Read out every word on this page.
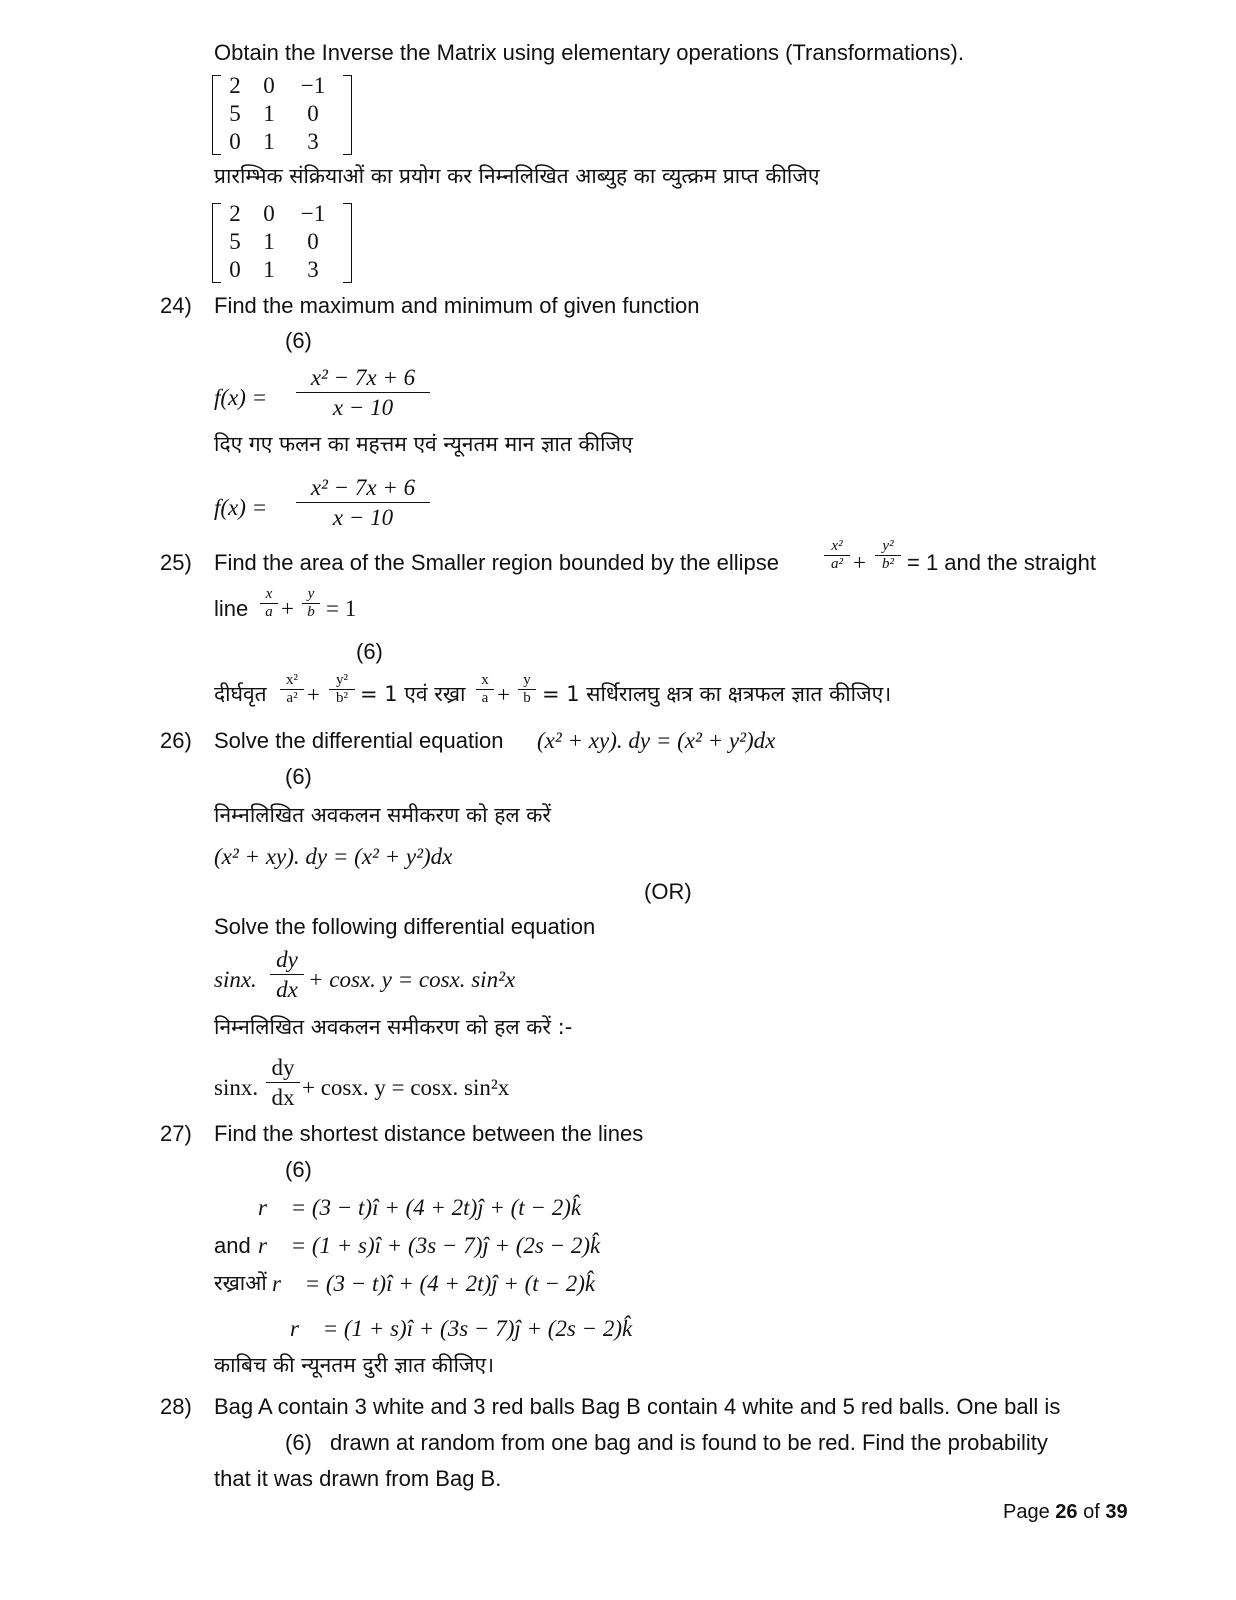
Obtain the Inverse the Matrix using elementary operations (Transformations).
2	0	−1
5	1	0
0	1	3
प्रारम्भिक संक्रियाओं का प्रयोग कर निम्नलिखित आब्युह का व्युत्क्रम प्राप्त कीजिए
2	0	−1
5	1	0
0	1	3
24) Find the maximum and minimum of given function
(6)
f(x) =
x² − 7x + 6
x − 10
दिए गए फलन का महत्तम एवं न्यूनतम मान ज्ञात कीजिए
f(x) =
x² − 7x + 6
x − 10
25) Find the area of the Smaller region bounded by the ellipse
x²
a² +
y²
b² = 1 and the straight
line
x
a +
y
b = 1
(6)
दीर्घवृत
x²
a² +
y²
b² = 1 एवं रख्रा
x
a +
y
b = 1 सर्धिरालघु क्षत्र का क्षत्रफल ज्ञात कीजिए।
26) Solve the differential equation (x² + xy). dy = (x² + y²)dx
(6)
निम्नलिखित अवकलन समीकरण को हल करें
(x² + xy). dy = (x² + y²)dx
(OR)
Solve the following differential equation
sinx.
dy
dx + cosx. y = cosx. sin²x
निम्नलिखित अवकलन समीकरण को हल करें :-
sinx.
dy
dx + cosx. y = cosx. sin²x
27) Find the shortest distance between the lines
(6)
r⃗ = (3 − t)î + (4 + 2t)ĵ + (t − 2)k̂
and r⃗ = (1 + s)î + (3s − 7)ĵ + (2s − 2)k̂
रख्राओं r⃗ = (3 − t)î + (4 + 2t)ĵ + (t − 2)k̂
r⃗ = (1 + s)î + (3s − 7)ĵ + (2s − 2)k̂
काबिच की न्यूनतम दुरी ज्ञात कीजिए।
28) Bag A contain 3 white and 3 red balls Bag B contain 4 white and 5 red balls. One ball is
(6) drawn at random from one bag and is found to be red. Find the probability
that it was drawn from Bag B.
Page 26 of 39
